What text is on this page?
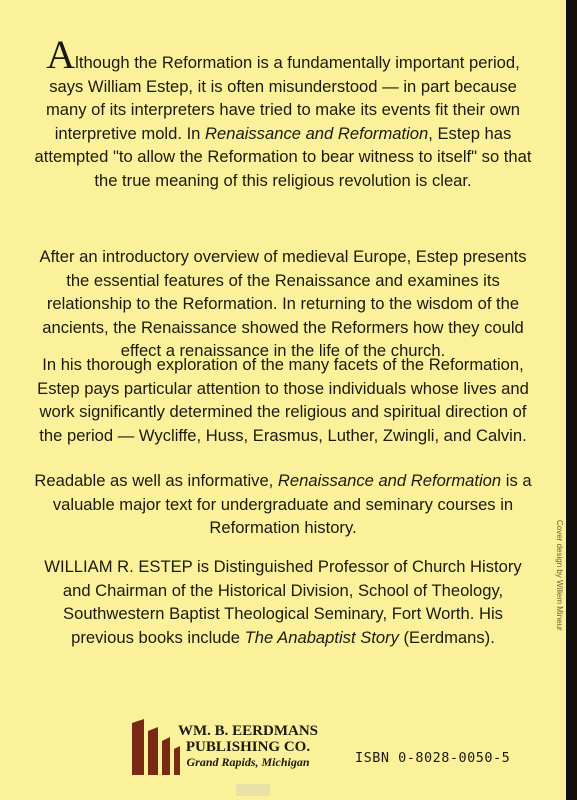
Although the Reformation is a fundamentally important period, says William Estep, it is often misunderstood — in part because many of its interpreters have tried to make its events fit their own interpretive mold. In Renaissance and Reformation, Estep has attempted "to allow the Reformation to bear witness to itself" so that the true meaning of this religious revolution is clear.

After an introductory overview of medieval Europe, Estep presents the essential features of the Renaissance and examines its relationship to the Reformation. In returning to the wisdom of the ancients, the Renaissance showed the Reformers how they could effect a renaissance in the life of the church.

In his thorough exploration of the many facets of the Reformation, Estep pays particular attention to those individuals whose lives and work significantly determined the religious and spiritual direction of the period — Wycliffe, Huss, Erasmus, Luther, Zwingli, and Calvin.

Readable as well as informative, Renaissance and Reformation is a valuable major text for undergraduate and seminary courses in Reformation history.

WILLIAM R. ESTEP is Distinguished Professor of Church History and Chairman of the Historical Division, School of Theology, Southwestern Baptist Theological Seminary, Fort Worth. His previous books include The Anabaptist Story (Eerdmans).

Cover design by Willem Mineur
WM. B. EERDMANS
PUBLISHING CO.
Grand Rapids, Michigan	ISBN 0-8028-0050-5
